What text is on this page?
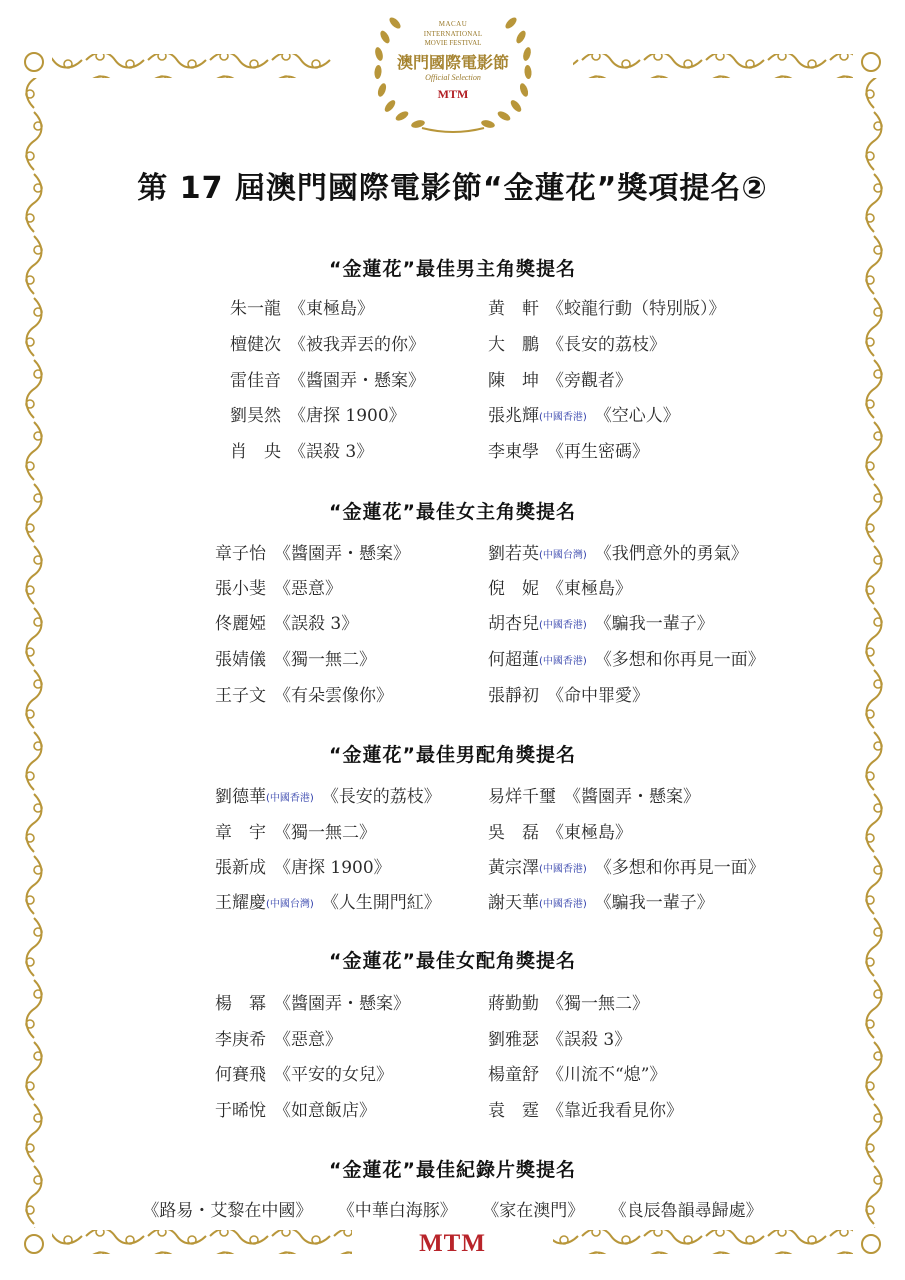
MACAU
INTERNATIONAL
MOVIE FESTIVAL
澳門國際電影節
Official Selection
MTM
第 17 屆澳門國際電影節“金蓮花”獎項提名②
“金蓮花”最佳男主角獎提名
朱一龍 《東極島》
檀健次 《被我弄丟的你》
雷佳音 《醬園弄・懸案》
劉昊然 《唐探 1900》
肖　央 《誤殺 3》
黄　軒 《蛟龍行動（特別版）》
大　鵬 《長安的荔枝》
陳　坤 《旁觀者》
張兆輝(中國香港) 《空心人》
李東學 《再生密碼》
“金蓮花”最佳女主角獎提名
章子怡 《醬園弄・懸案》
張小斐 《惡意》
佟麗婭 《誤殺 3》
張婧儀 《獨一無二》
王子文 《有朵雲像你》
劉若英(中國台灣) 《我們意外的勇氣》
倪　妮 《東極島》
胡杏兒(中國香港) 《騙我一輩子》
何超蓮(中國香港) 《多想和你再見一面》
張靜初 《命中罪愛》
“金蓮花”最佳男配角獎提名
劉德華(中國香港) 《長安的荔枝》
章　宇 《獨一無二》
張新成 《唐探 1900》
王耀慶(中國台灣) 《人生開門紅》
易烊千璽 《醬園弄・懸案》
吳　磊 《東極島》
黃宗澤(中國香港) 《多想和你再見一面》
謝天華(中國香港) 《騙我一輩子》
“金蓮花”最佳女配角獎提名
楊　冪 《醬園弄・懸案》
李庚希 《惡意》
何賽飛 《平安的女兒》
于晞悅 《如意飯店》
蔣勤勤 《獨一無二》
劉雅瑟 《誤殺 3》
楊童舒 《川流不“熄”》
袁　霆 《靠近我看見你》
“金蓮花”最佳紀錄片獎提名
《路易・艾黎在中國》 《中華白海豚》 《家在澳門》 《良辰魯韻尋歸處》
MTM
